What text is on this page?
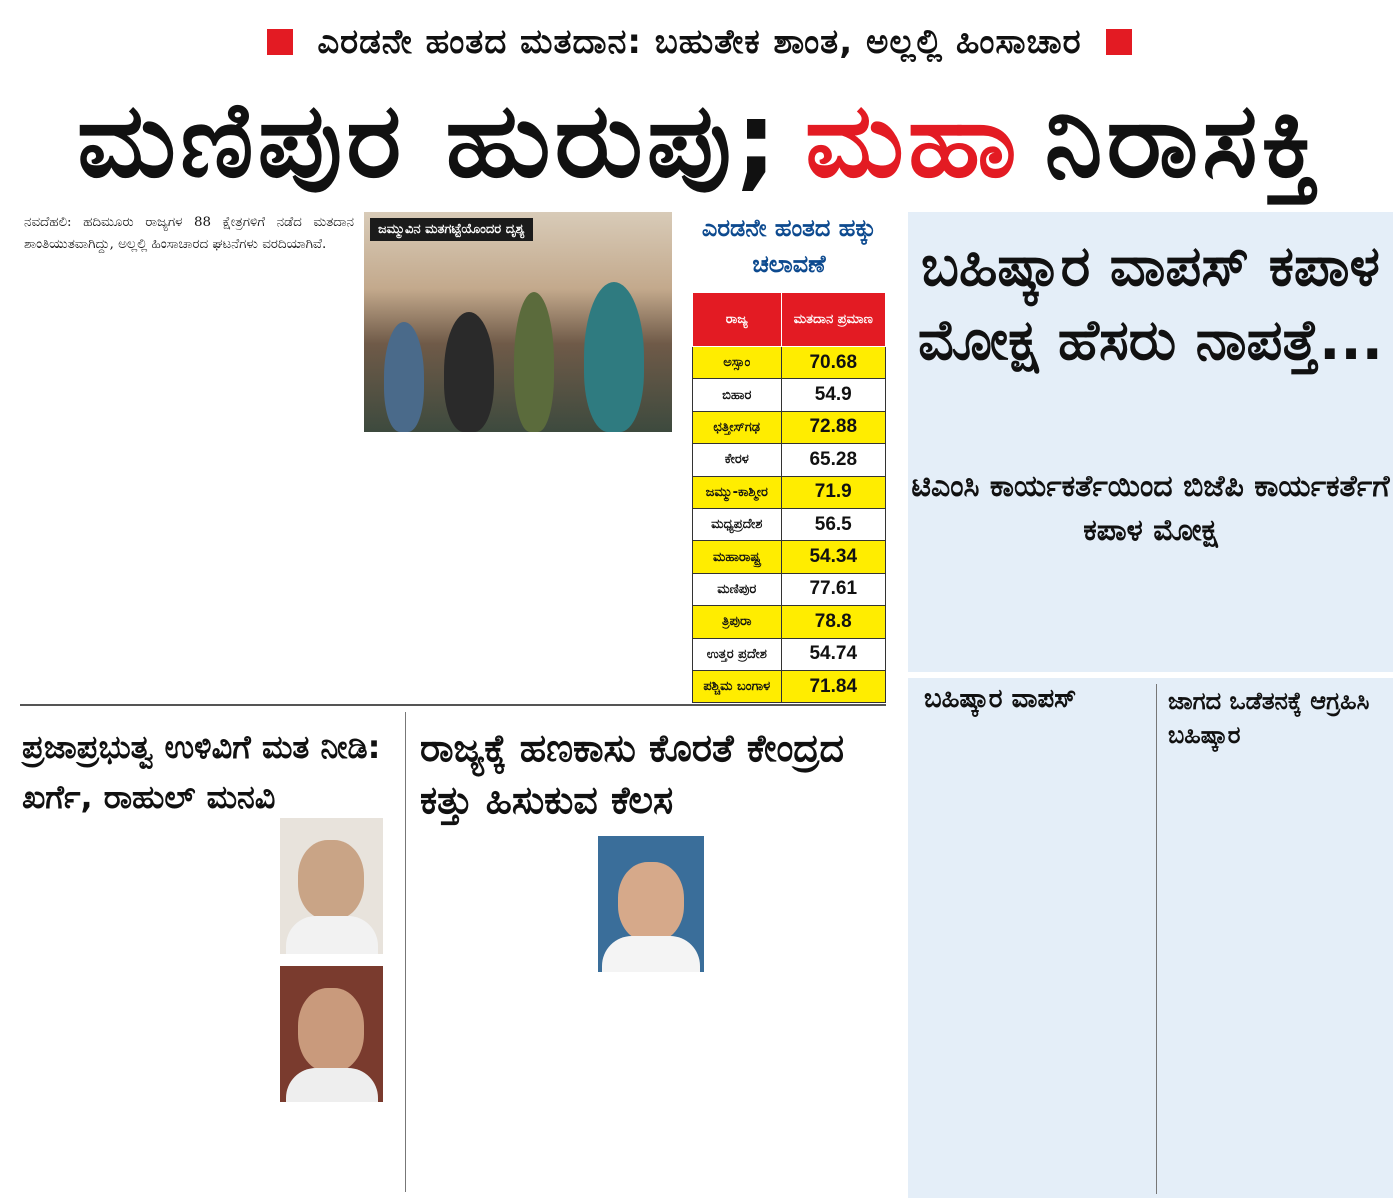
ಎರಡನೇ ಹಂತದ ಮತದಾನ: ಬಹುತೇಕ ಶಾಂತ, ಅಲ್ಲಲ್ಲಿ ಹಿಂಸಾಚಾರ
ಮಣಿಪುರ ಹುರುಪು; ಮಹಾ ನಿರಾಸಕ್ತಿ
ನವದೆಹಲಿ: ಹದಿಮೂರು ರಾಜ್ಯಗಳ 88 ಕ್ಷೇತ್ರಗಳಿಗೆ ನಡೆದ ಮತದಾನ ಶಾಂತಿಯುತವಾಗಿದ್ದು, ಅಲ್ಲಲ್ಲಿ ಹಿಂಸಾಚಾರದ ಘಟನೆಗಳು ವರದಿಯಾಗಿವೆ.
ಜಮ್ಮುವಿನ ಮತಗಟ್ಟೆಯೊಂದರ ದೃಶ್ಯ	ಎರಡನೇ ಹಂತದ ಹಕ್ಕು ಚಲಾವಣೆ
ರಾಜ್ಯ	ಮತದಾನ ಪ್ರಮಾಣ
ಅಸ್ಸಾಂ	70.68
ಬಿಹಾರ	54.9
ಛತ್ತೀಸ್‌ಗಢ	72.88
ಕೇರಳ	65.28
ಜಮ್ಮು-ಕಾಶ್ಮೀರ	71.9
ಮಧ್ಯಪ್ರದೇಶ	56.5
ಮಹಾರಾಷ್ಟ್ರ	54.34
ಮಣಿಪುರ	77.61
ತ್ರಿಪುರಾ	78.8
ಉತ್ತರ ಪ್ರದೇಶ	54.74
ಪಶ್ಚಿಮ ಬಂಗಾಳ	71.84
ಬಹಿಷ್ಕಾರ ವಾಪಸ್ ಕಪಾಳ ಮೋಕ್ಷ ಹೆಸರು ನಾಪತ್ತೆ...
ಟಿಎಂಸಿ ಕಾರ್ಯಕರ್ತೆಯಿಂದ ಬಿಜೆಪಿ ಕಾರ್ಯಕರ್ತೆಗೆ ಕಪಾಳ ಮೋಕ್ಷ
ಬಹಿಷ್ಕಾರ ವಾಪಸ್	ಜಾಗದ ಒಡೆತನಕ್ಕೆ ಆಗ್ರಹಿಸಿ ಬಹಿಷ್ಕಾರ
ಪ್ರಜಾಪ್ರಭುತ್ವ ಉಳಿವಿಗೆ ಮತ ನೀಡಿ: ಖರ್ಗೆ, ರಾಹುಲ್ ಮನವಿ
ರಾಜ್ಯಕ್ಕೆ ಹಣಕಾಸು ಕೊರತೆ ಕೇಂದ್ರದ ಕತ್ತು ಹಿಸುಕುವ ಕೆಲಸ
